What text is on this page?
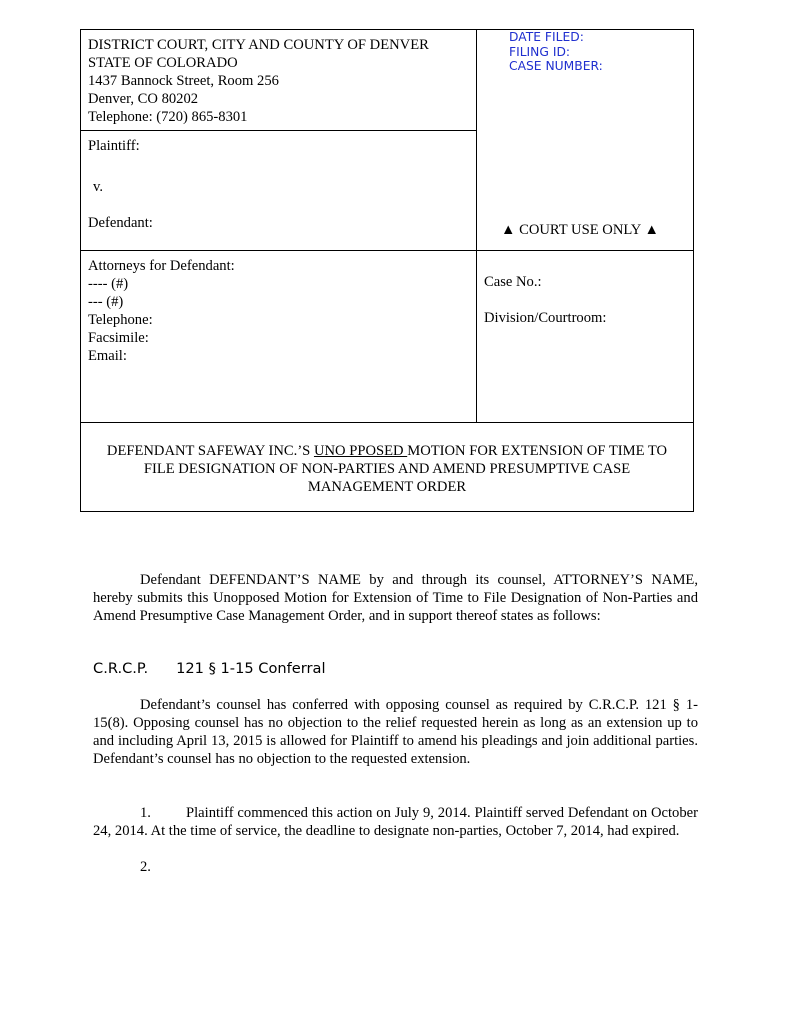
DISTRICT COURT, CITY AND COUNTY OF DENVER
STATE OF COLORADO
1437 Bannock Street, Room 256
Denver, CO 80202
Telephone: (720) 865-8301
Plaintiff:
v.
Defendant:
DATE FILED:
FILING ID:
CASE NUMBER:
▲ COURT USE ONLY ▲
Attorneys for Defendant:
---- (#)
--- (#)
Telephone:
Facsimile:
Email:
Case No.:
Division/Courtroom:
DEFENDANT SAFEWAY INC.’S UNO PPOSED MOTION FOR EXTENSION OF TIME TO FILE DESIGNATION OF NON-PARTIES AND AMEND PRESUMPTIVE CASE MANAGEMENT ORDER
Defendant DEFENDANT’S NAME by and through its counsel, ATTORNEY’S NAME, hereby submits this Unopposed Motion for Extension of Time to File Designation of Non-Parties and Amend Presumptive Case Management Order, and in support thereof states as follows:
C.R.C.P. 121 § 1-15 Conferral
Defendant’s counsel has conferred with opposing counsel as required by C.R.C.P. 121 § 1-15(8). Opposing counsel has no objection to the relief requested herein as long as an extension up to and including April 13, 2015 is allowed for Plaintiff to amend his pleadings and join additional parties. Defendant’s counsel has no objection to the requested extension.
1. Plaintiff commenced this action on July 9, 2014. Plaintiff served Defendant on October 24, 2014. At the time of service, the deadline to designate non-parties, October 7, 2014, had expired.
2.
